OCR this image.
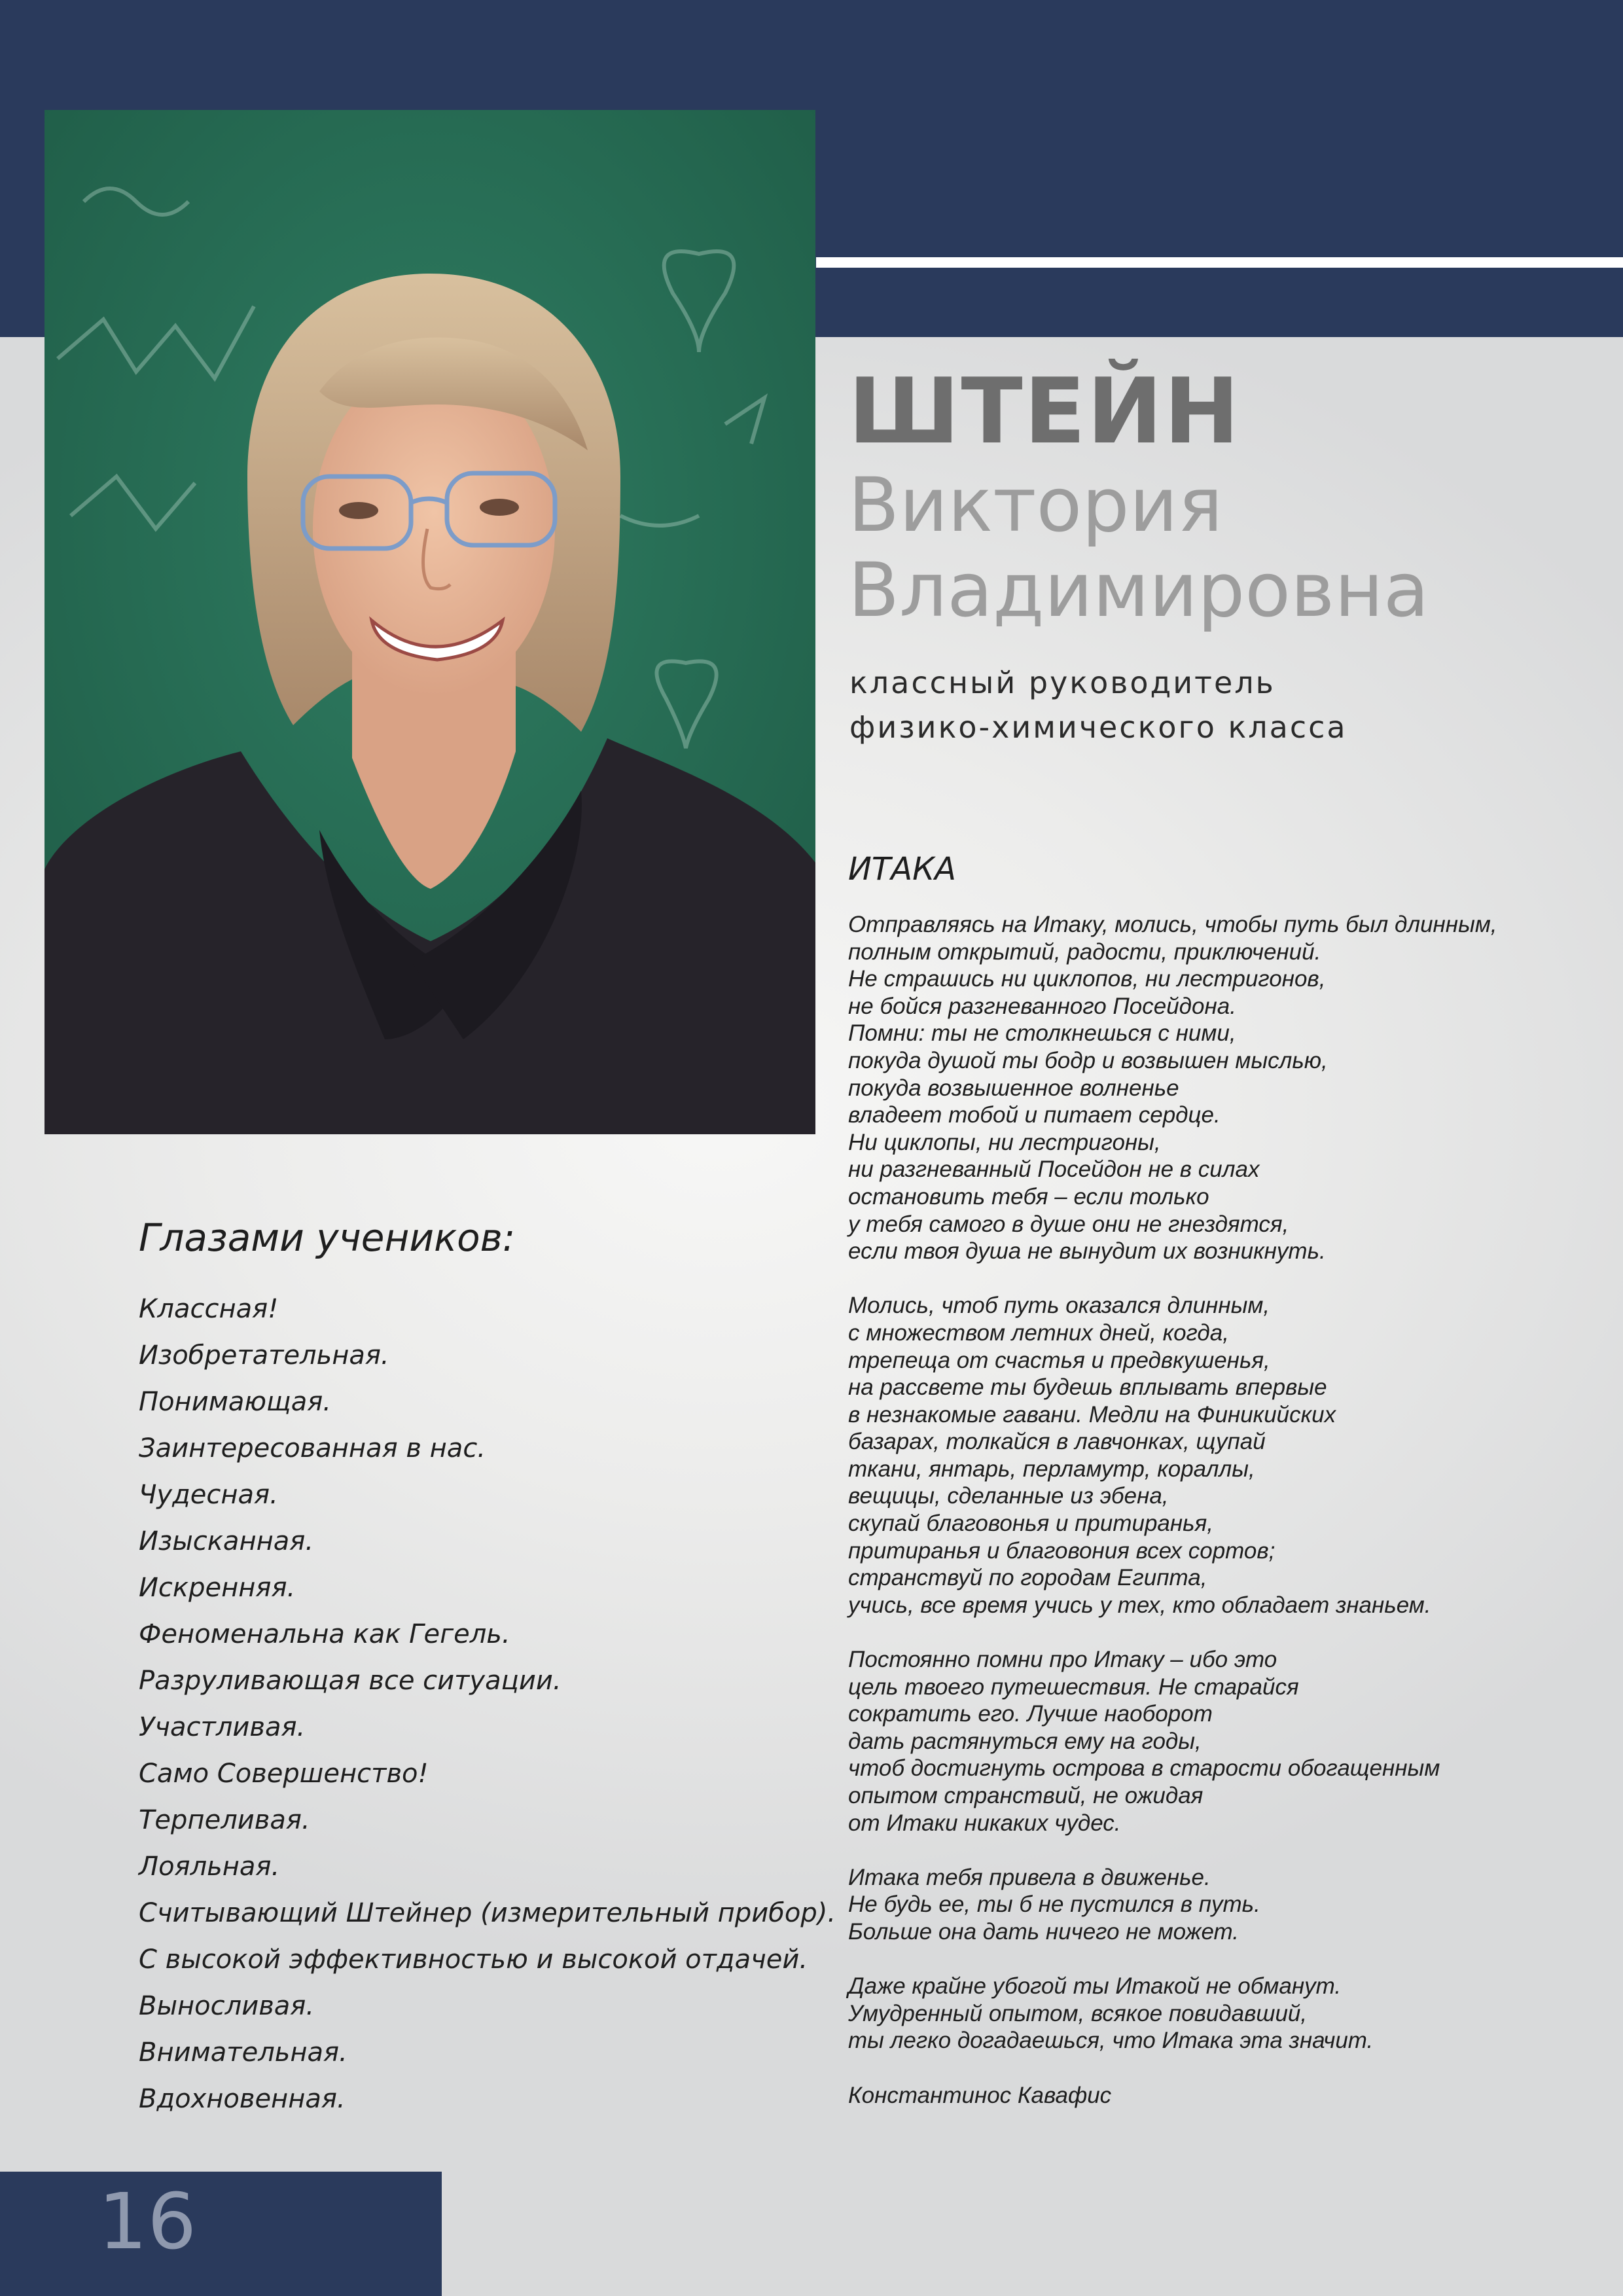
ШТЕЙН
Виктория
Владимировна
классный руководитель
физико-химического класса
ИТАКА
Отправляясь на Итаку, молись, чтобы путь был длинным,
полным открытий, радости, приключений.
Не страшись ни циклопов, ни лестригонов,
не бойся разгневанного Посейдона.
Помни: ты не столкнешься с ними,
покуда душой ты бодр и возвышен мыслью,
покуда возвышенное волненье
владеет тобой и питает сердце.
Ни циклопы, ни лестригоны,
ни разгневанный Посейдон не в силах
остановить тебя – если только
у тебя самого в душе они не гнездятся,
если твоя душа не вынудит их возникнуть.
Молись, чтоб путь оказался длинным,
с множеством летних дней, когда,
трепеща от счастья и предвкушенья,
на рассвете ты будешь вплывать впервые
в незнакомые гавани. Медли на Финикийских
базарах, толкайся в лавчонках, щупай
ткани, янтарь, перламутр, кораллы,
вещицы, сделанные из эбена,
скупай благовонья и притиранья,
притиранья и благовония всех сортов;
странствуй по городам Египта,
учись, все время учись у тех, кто обладает знаньем.
Постоянно помни про Итаку – ибо это
цель твоего путешествия. Не старайся
сократить его. Лучше наоборот
дать растянуться ему на годы,
чтоб достигнуть острова в старости обогащенным
опытом странствий, не ожидая
от Итаки никаких чудес.
Итака тебя привела в движенье.
Не будь ее, ты б не пустился в путь.
Больше она дать ничего не может.
Даже крайне убогой ты Итакой не обманут.
Умудренный опытом, всякое повидавший,
ты легко догадаешься, что Итака эта значит.
Константинос Кавафис
Глазами учеников:
Классная!
Изобретательная.
Понимающая.
Заинтересованная в нас.
Чудесная.
Изысканная.
Искренняя.
Феноменальна как Гегель.
Разруливающая все ситуации.
Участливая.
Само Совершенство!
Терпеливая.
Лояльная.
Считывающий Штейнер (измерительный прибор).
С высокой эффективностью и высокой отдачей.
Выносливая.
Внимательная.
Вдохновенная.
16
